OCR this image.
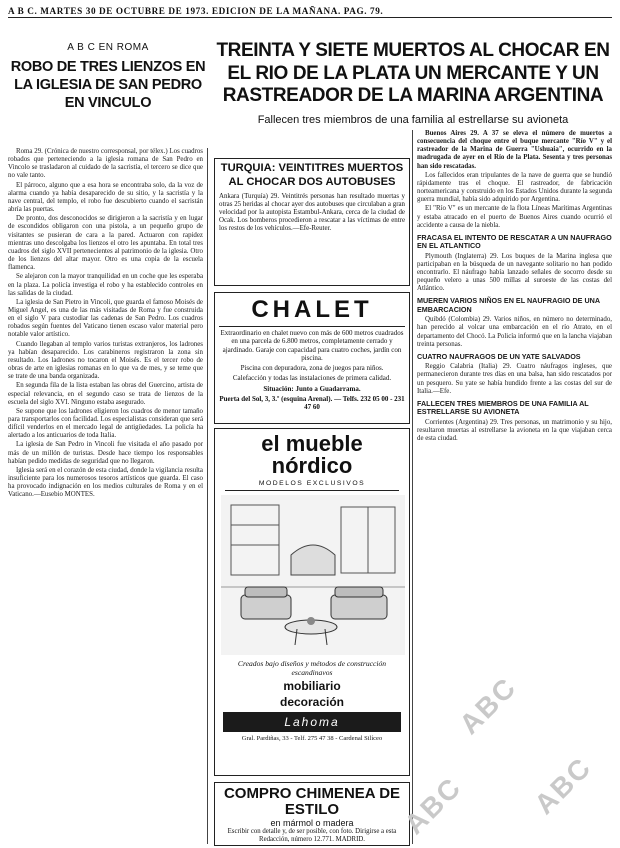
A B C. MARTES 30 DE OCTUBRE DE 1973. EDICION DE LA MAÑANA. PAG. 79.
A B C EN ROMA
ROBO DE TRES LIENZOS EN LA IGLESIA DE SAN PEDRO EN VINCULO

Roma 29. (Crónica de nuestro corresponsal, por télex.) Los cuadros robados que perteneciendo a la iglesia romana de San Pedro en Vincolo se trasladaron al cuidado de la sacristía, el tercero se dice que no vale tanto.

El párroco, alguno que a esa hora se encontraba solo, da la voz de alarma cuando ya había desaparecido de su sitio, y la sacristía y la nave central, del templo, el robo fue descubierto cuando el sacristán abría las puertas.

De pronto, dos desconocidos se dirigieron a la sacristía y en lugar de escondidos obligaron con una pistola, a un pequeño grupo de visitantes se pusieran de cara a la pared. Actuaron con rapidez mientras uno descolgaba los lienzos el otro les apuntaba. En total tres cuadros del siglo XVII pertenecientes al patrimonio de la iglesia. Otro de los lienzos del altar mayor. Otro es una copia de la escuela flamenca.

Se alejaron con la mayor tranquilidad en un coche que les esperaba en la plaza. La policía investiga el robo y ha establecido controles en las salidas de la ciudad.

La iglesia de San Pietro in Vincoli, que guarda el famoso Moisés de Miguel Angel, es una de las más visitadas de Roma y fue construida en el siglo V para custodiar las cadenas de San Pedro. Los cuadros robados según fuentes del Vaticano tienen escaso valor material pero notable valor artístico.

Cuando llegaban al templo varios turistas extranjeros, los ladrones ya habían desaparecido. Los carabineros registraron la zona sin resultado. Los ladrones no tocaron el Moisés. Es el tercer robo de obras de arte en iglesias romanas en lo que va de mes, y se teme que se trate de una banda organizada.

En segunda fila de la lista estaban las obras del Guercino, artista de especial relevancia, en el segundo caso se trata de lienzos de la escuela del siglo XVI. Ninguno estaba asegurado.

Se supone que los ladrones eligieron los cuadros de menor tamaño para transportarlos con facilidad. Los especialistas consideran que será difícil venderlos en el mercado legal de antigüedades. La policía ha alertado a los anticuarios de toda Italia.

La iglesia de San Pedro in Vincoli fue visitada el año pasado por más de un millón de turistas. Desde hace tiempo los responsables habían pedido medidas de seguridad que no llegaron.

Iglesia será en el corazón de esta ciudad, donde la vigilancia resulta insuficiente para los numerosos tesoros artísticos que guarda. El caso ha provocado indignación en los medios culturales de Roma y en el Vaticano.—Eusebio MONTES.

TREINTA Y SIETE MUERTOS AL CHOCAR EN EL RIO DE LA PLATA UN MERCANTE Y UN RASTREADOR DE LA MARINA ARGENTINA
Fallecen tres miembros de una familia al estrellarse su avioneta
TURQUIA: VEINTITRES MUERTOS AL CHOCAR DOS AUTOBUSES
Ankara (Turquía) 29. Veintitrés personas han resultado muertas y otras 25 heridas al chocar ayer dos autobuses que circulaban a gran velocidad por la autopista Estambul-Ankara, cerca de la ciudad de Ocak. Los bomberos procedieron a rescatar a las víctimas de entre los restos de los vehículos.—Efe-Reuter.
CHALET
Extraordinario en chalet nuevo con más de 600 metros cuadrados en una parcela de 6.800 metros, completamente cerrado y ajardinado. Garaje con capacidad para cuatro coches, jardín con piscina.
Piscina con depuradora, zona de juegos para niños.
Calefacción y todas las instalaciones de primera calidad.
Situación: Junto a Guadarrama.
Puerta del Sol, 3, 3.º (esquina Arenal). — Telfs. 232 05 00 - 231 47 60
el mueble
nórdico
MODELOS EXCLUSIVOS
Creados bajo diseños y métodos de construcción escandinavos
mobiliario
decoración
Lahoma
Gral. Pardiñas, 33 - Telf. 275 47 38 - Cardenal Silíceo
COMPRO CHIMENEA DE ESTILO
en mármol o madera
Escribir con detalle y, de ser posible, con foto. Dirigirse a esta Redacción, número 12.771. MADRID.

Buenos Aires 29. A 37 se eleva el número de muertos a consecuencia del choque entre el buque mercante "Río V" y el rastreador de la Marina de Guerra "Ushuaia", ocurrido en la madrugada de ayer en el Río de la Plata. Sesenta y tres personas han sido rescatadas.

Los fallecidos eran tripulantes de la nave de guerra que se hundió rápidamente tras el choque. El rastreador, de fabricación norteamericana y construido en los Estados Unidos durante la segunda guerra mundial, había sido adquirido por Argentina.

El "Río V" es un mercante de la flota Líneas Marítimas Argentinas y estaba atracado en el puerto de Buenos Aires cuando ocurrió el accidente a causa de la niebla.

FRACASA EL INTENTO DE RESCATAR A UN NAUFRAGO EN EL ATLANTICO

Plymouth (Inglaterra) 29. Los buques de la Marina inglesa que participaban en la búsqueda de un navegante solitario no han podido encontrarlo. El náufrago había lanzado señales de socorro desde su pequeño velero a unas 500 millas al suroeste de las costas del Atlántico.

MUEREN VARIOS NIÑOS EN EL NAUFRAGIO DE UNA EMBARCACION

Quibdó (Colombia) 29. Varios niños, en número no determinado, han perecido al volcar una embarcación en el río Atrato, en el departamento del Chocó. La Policía informó que en la lancha viajaban treinta personas.

CUATRO NAUFRAGOS DE UN YATE SALVADOS

Reggio Calabria (Italia) 29. Cuatro náufragos ingleses, que permanecieron durante tres días en una balsa, han sido rescatados por un pesquero. Su yate se había hundido frente a las costas del sur de Italia.—Efe.

FALLECEN TRES MIEMBROS DE UNA FAMILIA AL ESTRELLARSE SU AVIONETA

Corrientes (Argentina) 29. Tres personas, un matrimonio y su hijo, resultaron muertas al estrellarse la avioneta en la que viajaban cerca de esta ciudad.

ABC
ABC
ABC
